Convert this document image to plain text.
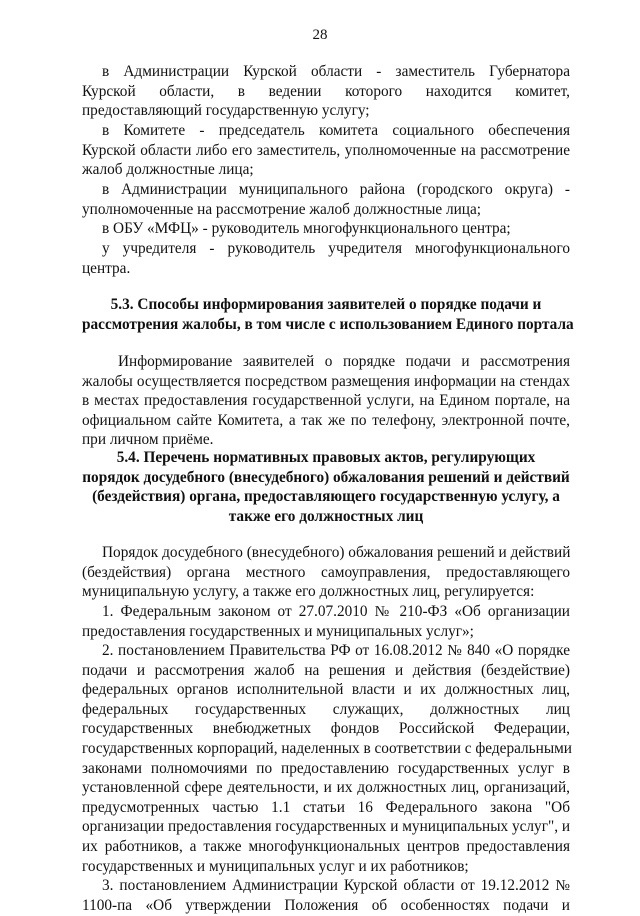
28
в Администрации Курской области - заместитель Губернатора
Курской области, в ведении которого находится комитет,
предоставляющий государственную услугу;
в Комитете - председатель комитета социального обеспечения
Курской области либо его заместитель, уполномоченные на рассмотрение
жалоб должностные лица;
в Администрации муниципального района (городского округа) -
уполномоченные на рассмотрение жалоб должностные лица;
в ОБУ «МФЦ» - руководитель многофункционального центра;
у учредителя - руководитель учредителя многофункционального
центра.
5.3. Способы информирования заявителей о порядке подачи и
рассмотрения жалобы, в том числе с использованием Единого портала
Информирование заявителей о порядке подачи и рассмотрения
жалобы осуществляется посредством размещения информации на стендах
в местах предоставления государственной услуги, на Едином портале, на
официальном сайте Комитета, а так же по телефону, электронной почте,
при личном приёме.
5.4. Перечень нормативных правовых актов, регулирующих
порядок досудебного (внесудебного) обжалования решений и действий
(бездействия) органа, предоставляющего государственную услугу, а
также его должностных лиц
Порядок досудебного (внесудебного) обжалования решений и действий
(бездействия) органа местного самоуправления, предоставляющего
муниципальную услугу, а также его должностных лиц, регулируется:
1. Федеральным законом от 27.07.2010 № 210-ФЗ «Об организации
предоставления государственных и муниципальных услуг»;
2. постановлением Правительства РФ от 16.08.2012 № 840 «О порядке
подачи и рассмотрения жалоб на решения и действия (бездействие)
федеральных органов исполнительной власти и их должностных лиц,
федеральных государственных служащих, должностных лиц
государственных внебюджетных фондов Российской Федерации,
государственных корпораций, наделенных в соответствии с федеральными
законами полномочиями по предоставлению государственных услуг в
установленной сфере деятельности, и их должностных лиц, организаций,
предусмотренных частью 1.1 статьи 16 Федерального закона "Об
организации предоставления государственных и муниципальных услуг", и
их работников, а также многофункциональных центров предоставления
государственных и муниципальных услуг и их работников;
3. постановлением Администрации Курской области от 19.12.2012 №
1100-па «Об утверждении Положения об особенностях подачи и
